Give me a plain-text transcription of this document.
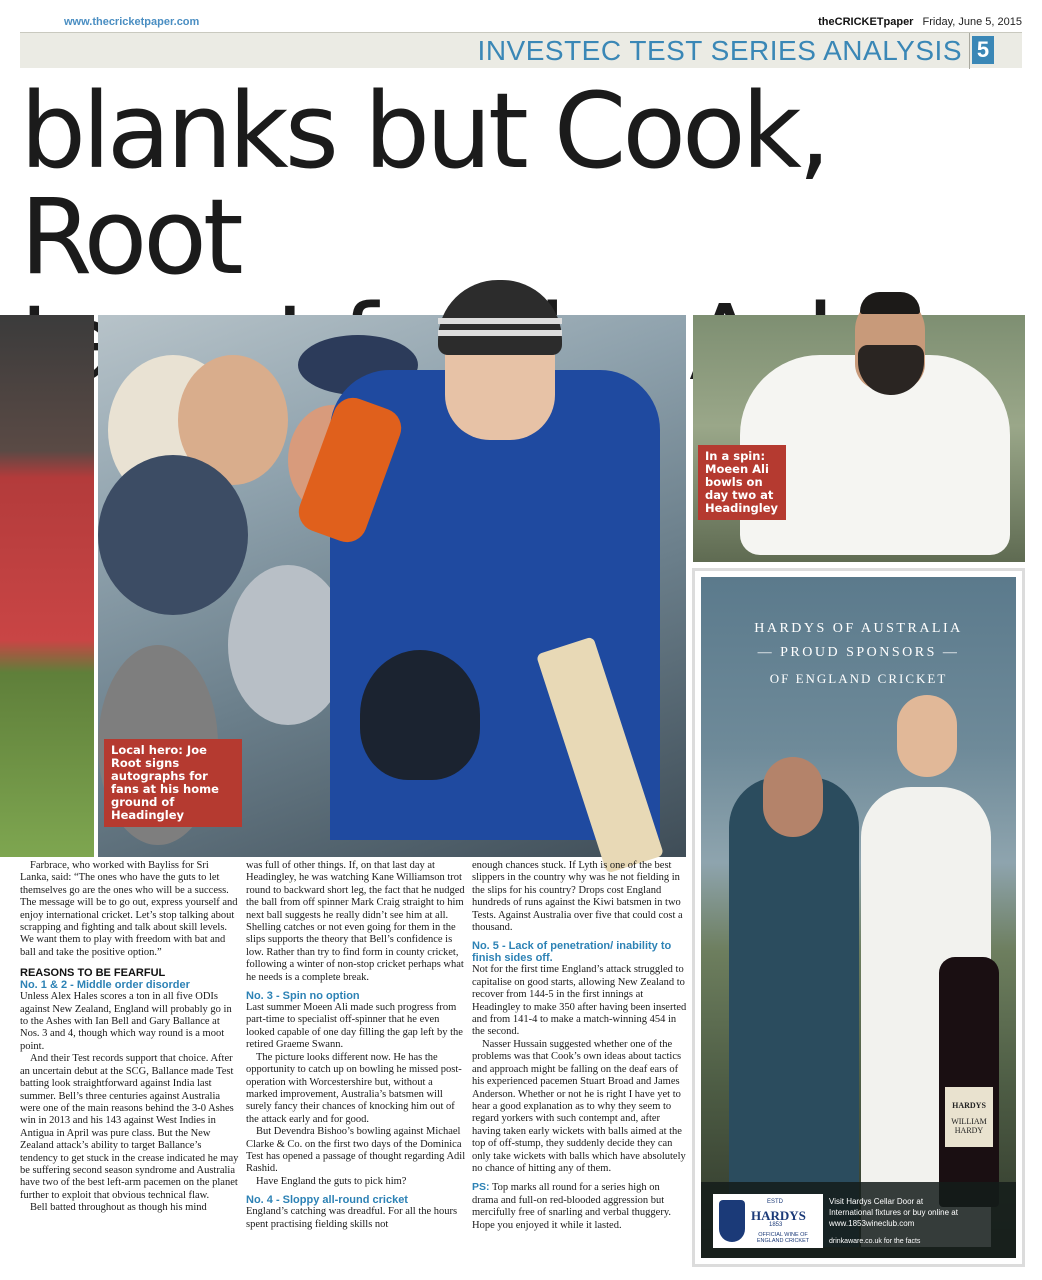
www.thecricketpaper.com	theCRICKETpaper Friday, June 5, 2015
INVESTEC TEST SERIES ANALYSIS 5
blanks but Cook, Root
Local hero: Joe Root signs autographs for fans at his home ground of Headingley
In a spin: Moeen Ali bowls on day two at Headingley
HARDYS OF AUSTRALIA
— PROUD SPONSORS —
OF ENGLAND CRICKET
HARDYS
WILLIAM HARDY
ESTD
HARDYS
1853
OFFICIAL WINE OF ENGLAND CRICKET
Visit Hardys Cellar Door at International fixtures or buy online at
www.1853wineclub.com
drinkaware.co.uk for the facts

Farbrace, who worked with Bayliss for Sri Lanka, said: “The ones who have the guts to let themselves go are the ones who will be a success. The message will be to go out, express yourself and enjoy international cricket. Let’s stop talking about scrapping and fighting and talk about skill levels. We want them to play with freedom with bat and ball and take the positive option.”

REASONS TO BE FEARFUL
No. 1 & 2 - Middle order disorder

Unless Alex Hales scores a ton in all five ODIs against New Zealand, England will probably go in to the Ashes with Ian Bell and Gary Ballance at Nos. 3 and 4, though which way round is a moot point.

And their Test records support that choice. After an uncertain debut at the SCG, Ballance made Test batting look straightforward against India last summer. Bell’s three centuries against Australia were one of the main reasons behind the 3-0 Ashes win in 2013 and his 143 against West Indies in Antigua in April was pure class. But the New Zealand attack’s ability to target Ballance’s tendency to get stuck in the crease indicated he may be suffering second season syndrome and Australia have two of the best left-arm pacemen on the planet further to exploit that obvious technical flaw.

Bell batted throughout as though his mind

was full of other things. If, on that last day at Headingley, he was watching Kane Williamson trot round to backward short leg, the fact that he nudged the ball from off spinner Mark Craig straight to him next ball suggests he really didn’t see him at all. Shelling catches or not even going for them in the slips supports the theory that Bell’s confidence is low. Rather than try to find form in county cricket, following a winter of non-stop cricket perhaps what he needs is a complete break.

No. 3 - Spin no option

Last summer Moeen Ali made such progress from part-time to specialist off-spinner that he even looked capable of one day filling the gap left by the retired Graeme Swann.

The picture looks different now. He has the opportunity to catch up on bowling he missed post-operation with Worcestershire but, without a marked improvement, Australia’s batsmen will surely fancy their chances of knocking him out of the attack early and for good.

But Devendra Bishoo’s bowling against Michael Clarke & Co. on the first two days of the Dominica Test has opened a passage of thought regarding Adil Rashid.

Have England the guts to pick him?

No. 4 - Sloppy all-round cricket

England’s catching was dreadful. For all the hours spent practising fielding skills not

enough chances stuck. If Lyth is one of the best slippers in the country why was he not fielding in the slips for his country? Drops cost England hundreds of runs against the Kiwi batsmen in two Tests. Against Australia over five that could cost a thousand.

No. 5 - Lack of penetration/ inability to finish sides off.

Not for the first time England’s attack struggled to capitalise on good starts, allowing New Zealand to recover from 144-5 in the first innings at Headingley to make 350 after having been inserted and from 141-4 to make a match-winning 454 in the second.

Nasser Hussain suggested whether one of the problems was that Cook’s own ideas about tactics and approach might be falling on the deaf ears of his experienced pacemen Stuart Broad and James Anderson. Whether or not he is right I have yet to hear a good explanation as to why they seem to regard yorkers with such contempt and, after having taken early wickets with balls aimed at the top of off-stump, they suddenly decide they can only take wickets with balls which have absolutely no chance of hitting any of them.

PS: Top marks all round for a series high on drama and full-on red-blooded aggression but mercifully free of snarling and verbal thuggery. Hope you enjoyed it while it lasted.
